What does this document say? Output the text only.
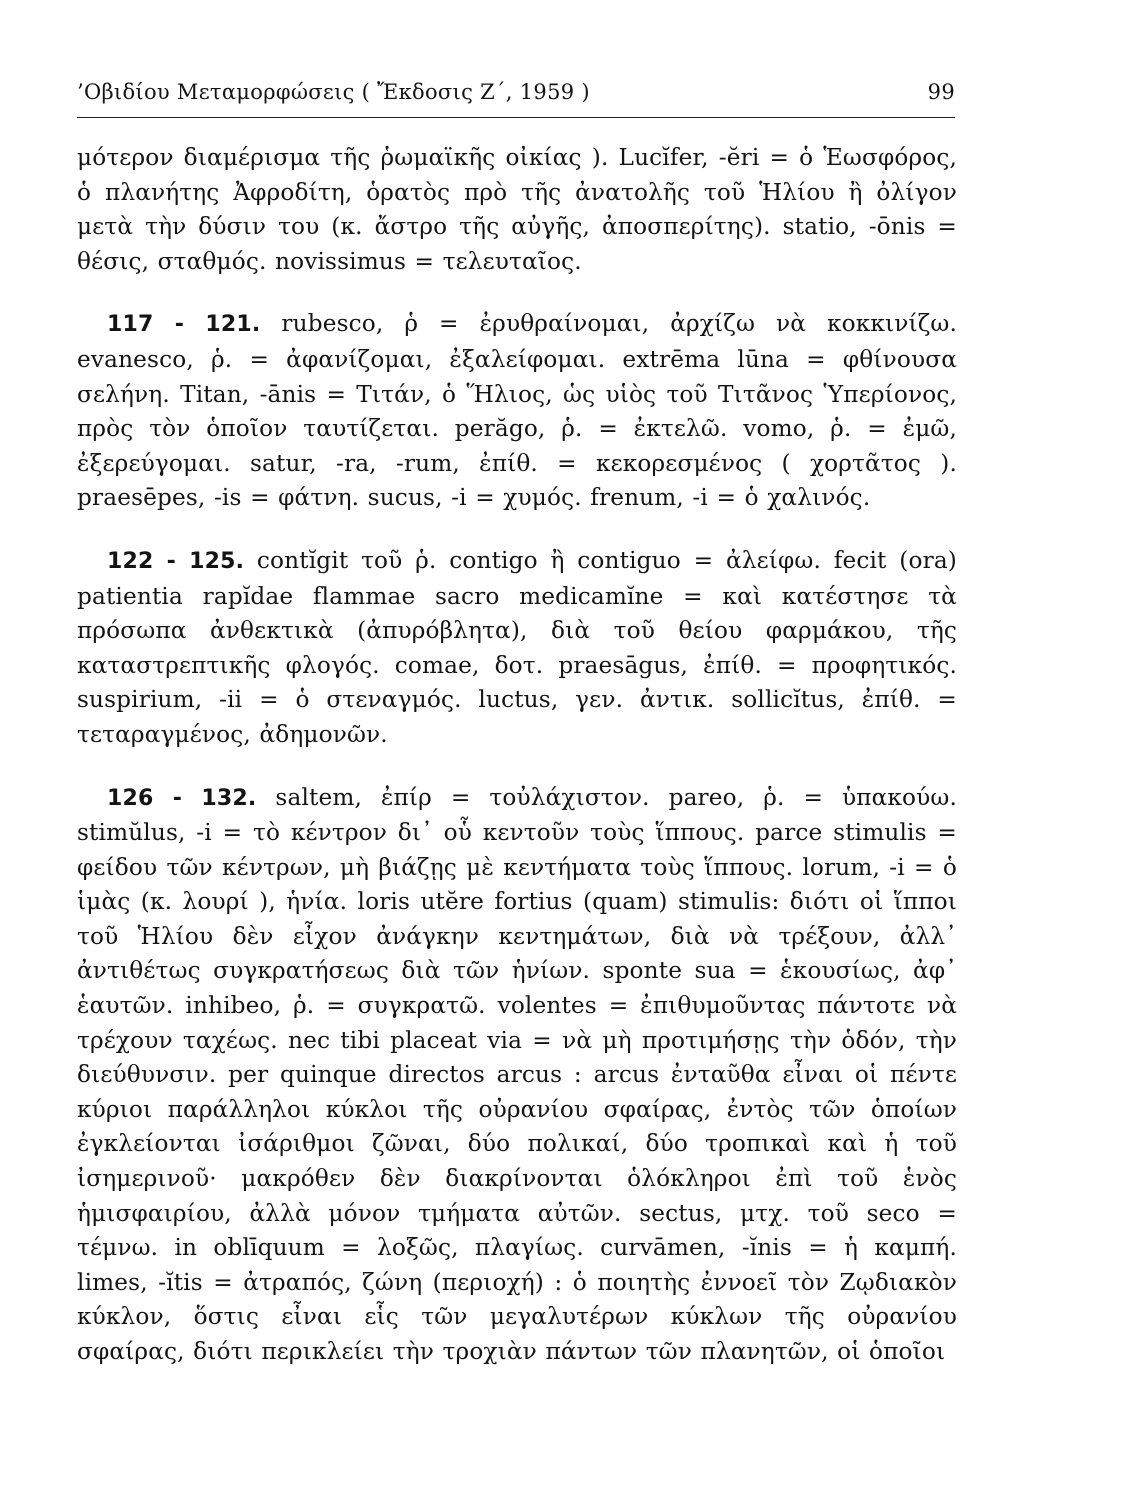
’Οβιδίου Μεταμορφώσεις ( Ἔκδοσις Ζ΄, 1959 )	99

μότερον διαμέρισμα τῆς ῥωμαϊκῆς οἰκίας ). Lucĭfer, -ĕri = ὁ Ἑωσφόρος, ὁ πλανήτης Ἀφροδίτη, ὁρατὸς πρὸ τῆς ἀνατολῆς τοῦ Ἡλίου ἢ ὀλίγον μετὰ τὴν δύσιν του (κ. ἄστρο τῆς αὐγῆς, ἀποσπερίτης). statio, -ōnis = θέσις, σταθμός. novissimus = τελευταῖος.

117 - 121. rubesco, ῥ = ἐρυθραίνομαι, ἀρχίζω νὰ κοκκινίζω. evanesco, ῥ. = ἀφανίζομαι, ἐξαλείφομαι. extrēma lūna = φθίνουσα σελήνη. Titan, -ānis = Τιτάν, ὁ Ἥλιος, ὡς υἱὸς τοῦ Τιτᾶνος Ὑπερίονος, πρὸς τὸν ὁποῖον ταυτίζεται. perăgo, ῥ. = ἐκτελῶ. vomo, ῥ. = ἐμῶ, ἐξερεύγομαι. satur, -ra, -rum, ἐπίθ. = κεκορεσμένος ( χορτᾶτος ). praesēpes, -is = φάτνη. sucus, -i = χυμός. frenum, -i = ὁ χαλινός.

122 - 125. contĭgit τοῦ ῥ. contigo ἢ contiguo = ἀλείφω. fecit (ora) patientia rapĭdae flammae sacro medicamĭne = καὶ κατέστησε τὰ πρόσωπα ἀνθεκτικὰ (ἀπυρόβλητα), διὰ τοῦ θείου φαρμάκου, τῆς καταστρεπτικῆς φλογός. comae, δοτ. praesāgus, ἐπίθ. = προφητικός. suspirium, -ii = ὁ στεναγμός. luctus, γεν. ἀντικ. sollicĭtus, ἐπίθ. = τεταραγμένος, ἀδημονῶν.

126 - 132. saltem, ἐπίρ = τοὐλάχιστον. pareo, ῥ. = ὑπακούω. stimŭlus, -i = τὸ κέντρον δι᾿ οὗ κεντοῦν τοὺς ἵππους. parce stimulis = φείδου τῶν κέντρων, μὴ βιάζῃς μὲ κεντήματα τοὺς ἵππους. lorum, -i = ὁ ἱμὰς (κ. λουρί ), ἡνία. loris utĕre fortius (quam) stimulis: διότι οἱ ἵπποι τοῦ Ἡλίου δὲν εἶχον ἀνάγκην κεντημάτων, διὰ νὰ τρέξουν, ἀλλ᾿ ἀντιθέτως συγκρατήσεως διὰ τῶν ἡνίων. sponte sua = ἑκουσίως, ἀφ᾿ ἑαυτῶν. inhibeo, ῥ. = συγκρατῶ. volentes = ἐπιθυμοῦντας πάντοτε νὰ τρέχουν ταχέως. nec tibi placeat via = νὰ μὴ προτιμήσῃς τὴν ὁδόν, τὴν διεύθυνσιν. per quinque directos arcus : arcus ἐνταῦθα εἶναι οἱ πέντε κύριοι παράλληλοι κύκλοι τῆς οὐρανίου σφαίρας, ἐντὸς τῶν ὁποίων ἐγκλείονται ἰσάριθμοι ζῶναι, δύο πολικαί, δύο τροπικαὶ καὶ ἡ τοῦ ἰσημερινοῦ· μακρόθεν δὲν διακρίνονται ὁλόκληροι ἐπὶ τοῦ ἑνὸς ἡμισφαιρίου, ἀλλὰ μόνον τμήματα αὐτῶν. sectus, μτχ. τοῦ seco = τέμνω. in oblīquum = λοξῶς, πλαγίως. curvāmen, -ĭnis = ἡ καμπή. limes, -ĭtis = ἀτραπός, ζώνη (περιοχή) : ὁ ποιητὴς ἐννοεῖ τὸν Ζῳδιακὸν κύκλον, ὅστις εἶναι εἷς τῶν μεγαλυτέρων κύκλων τῆς οὐρανίου σφαίρας, διότι περικλείει τὴν τροχιὰν πάντων τῶν πλανητῶν, οἱ ὁποῖοι
